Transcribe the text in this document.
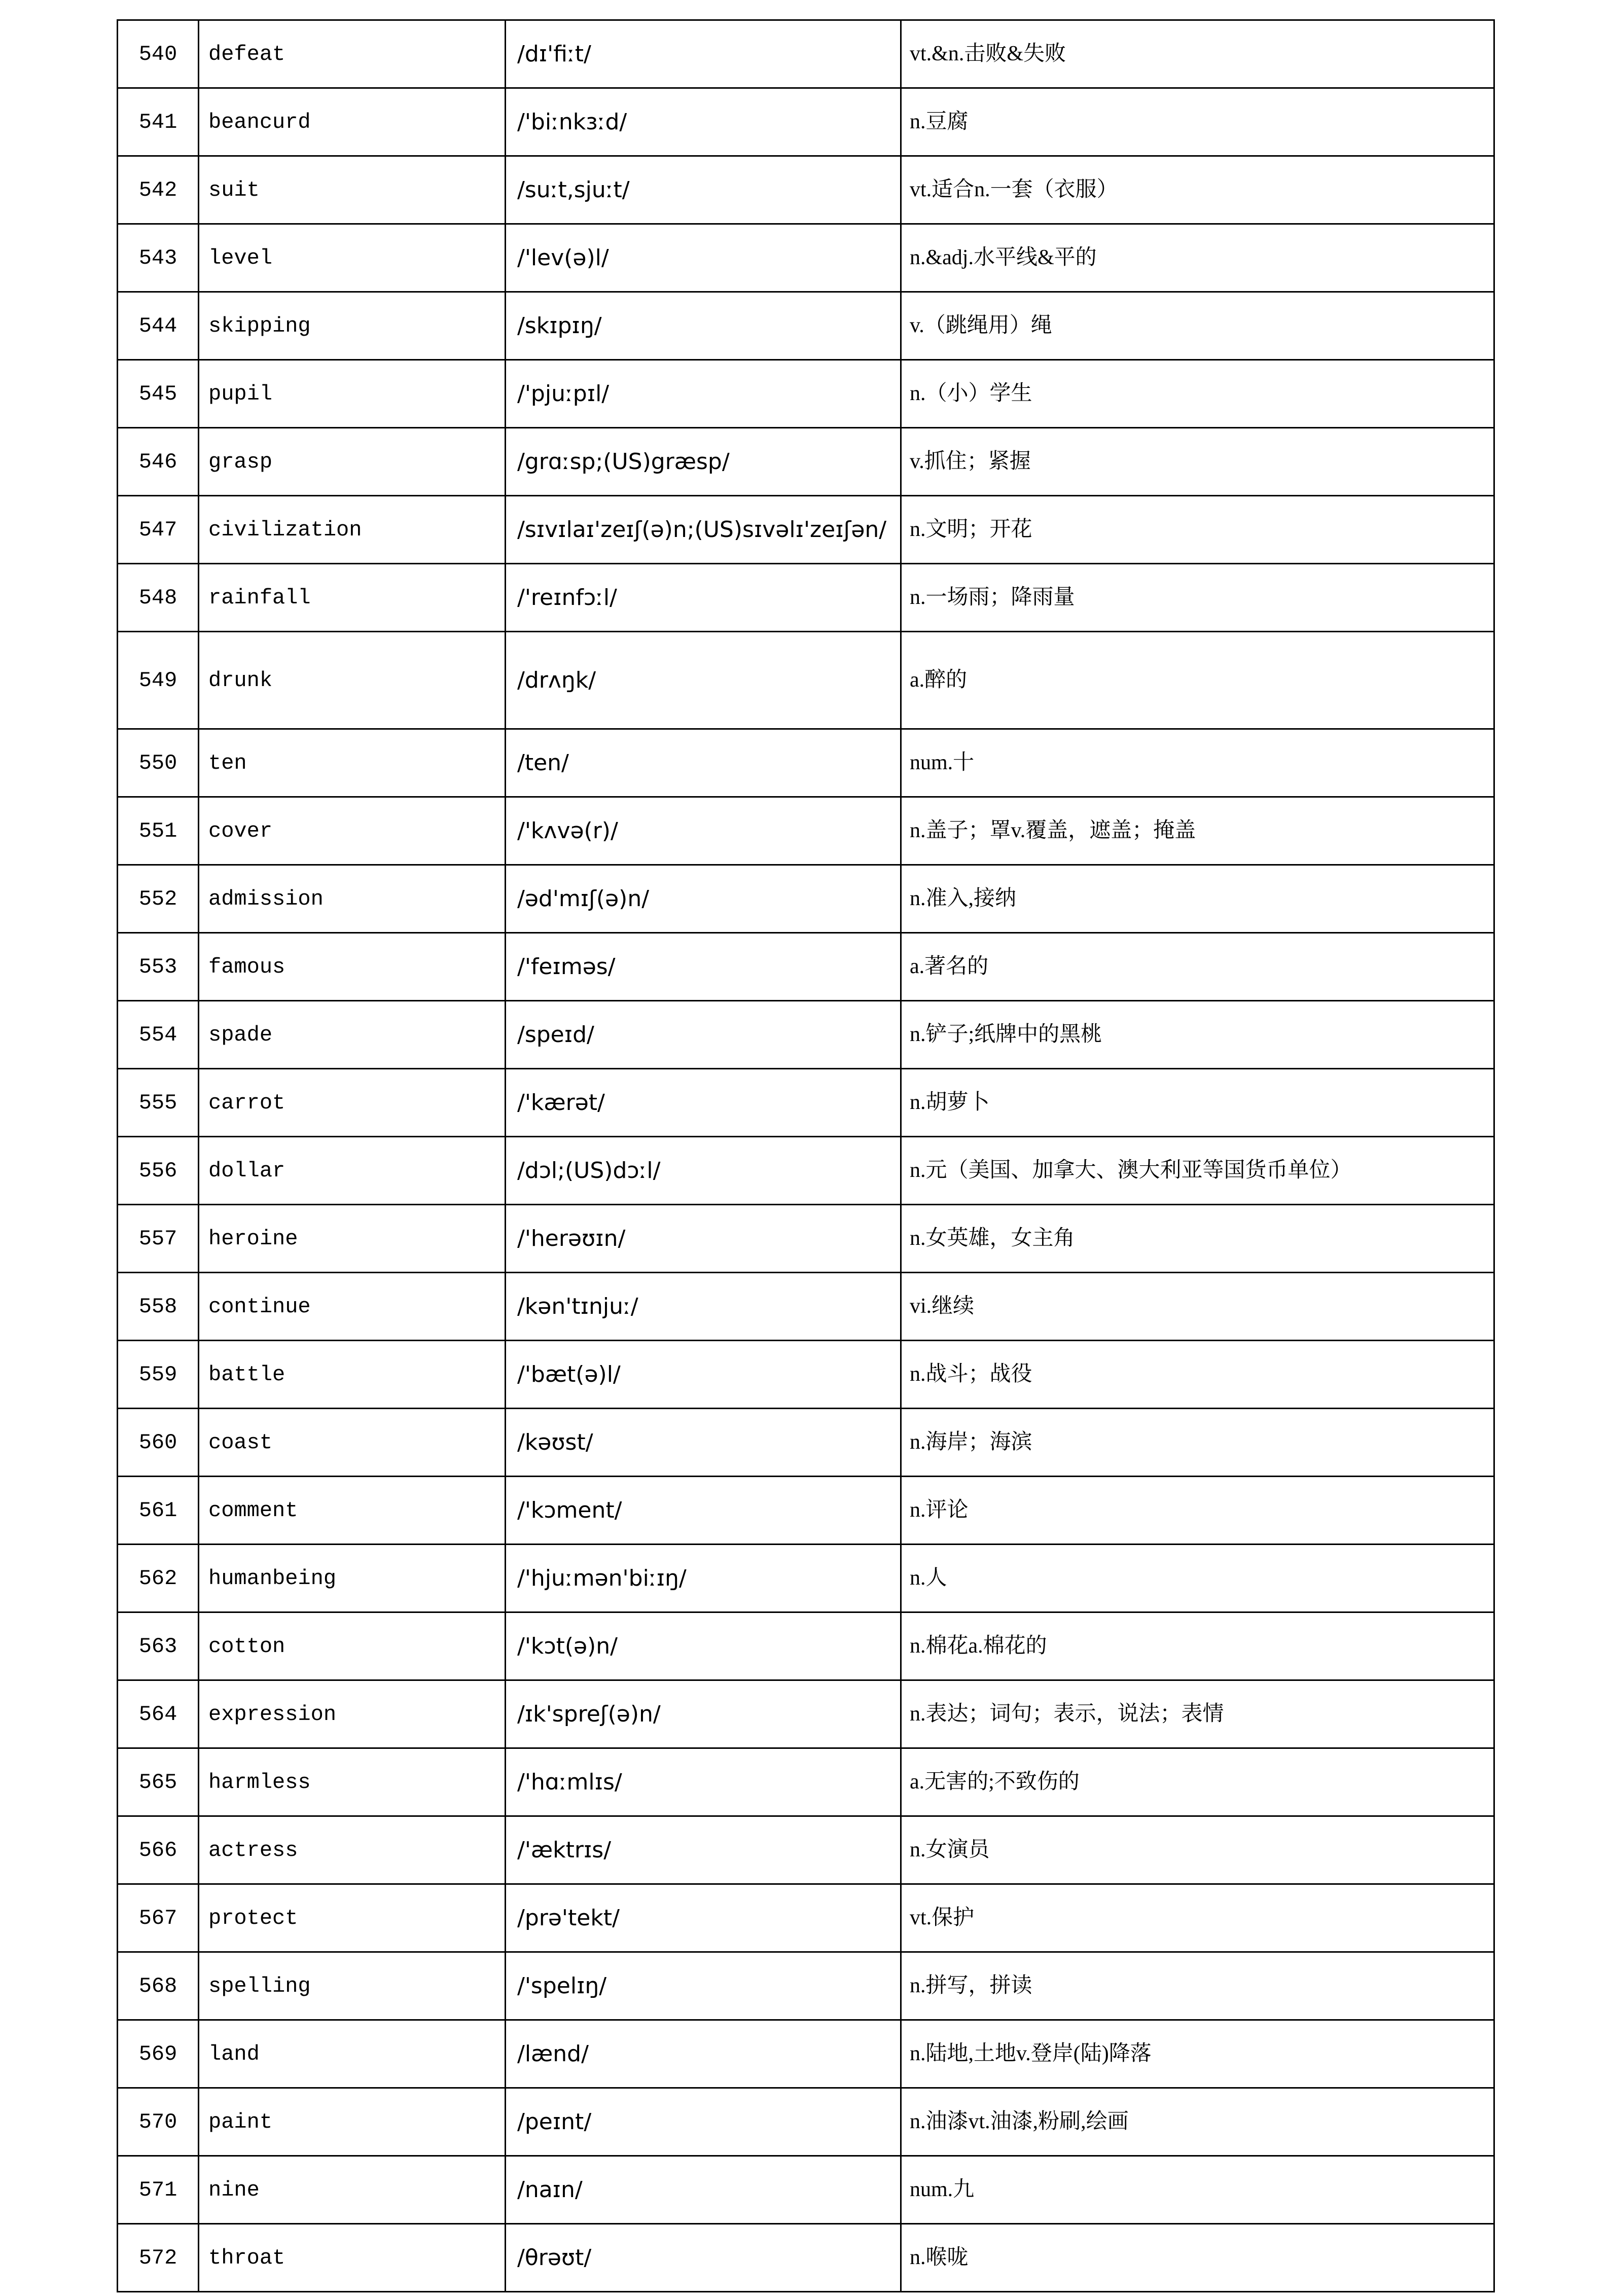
540	defeat	/dɪ'fiːt/	vt.&n.击败&失败
541	beancurd	/'biːnkɜːd/	n.豆腐
542	suit	/suːt,sjuːt/	vt.适合n.一套（衣服）
543	level	/'lev(ə)l/	n.&adj.水平线&平的
544	skipping	/skɪpɪŋ/	v.（跳绳用）绳
545	pupil	/'pjuːpɪl/	n.（小）学生
546	grasp	/grɑːsp;(US)græsp/	v.抓住；紧握
547	civilization	/sɪvɪlaɪ'zeɪʃ(ə)n;(US)sɪvəlɪ'zeɪʃən/	n.文明；开花
548	rainfall	/'reɪnfɔːl/	n.一场雨；降雨量
549	drunk	/drʌŋk/	a.醉的
550	ten	/ten/	num.十
551	cover	/'kʌvə(r)/	n.盖子；罩v.覆盖，遮盖；掩盖
552	admission	/əd'mɪʃ(ə)n/	n.准入,接纳
553	famous	/'feɪməs/	a.著名的
554	spade	/speɪd/	n.铲子;纸牌中的黑桃
555	carrot	/'kærət/	n.胡萝卜
556	dollar	/dɔl;(US)dɔːl/	n.元（美国、加拿大、澳大利亚等国货币单位）
557	heroine	/'herəʊɪn/	n.女英雄，女主角
558	continue	/kən'tɪnjuː/	vi.继续
559	battle	/'bæt(ə)l/	n.战斗；战役
560	coast	/kəʊst/	n.海岸；海滨
561	comment	/'kɔment/	n.评论
562	humanbeing	/'hjuːmən'biːɪŋ/	n.人
563	cotton	/'kɔt(ə)n/	n.棉花a.棉花的
564	expression	/ɪk'spreʃ(ə)n/	n.表达；词句；表示，说法；表情
565	harmless	/'hɑːmlɪs/	a.无害的;不致伤的
566	actress	/'æktrɪs/	n.女演员
567	protect	/prə'tekt/	vt.保护
568	spelling	/'spelɪŋ/	n.拼写，拼读
569	land	/lænd/	n.陆地,土地v.登岸(陆)降落
570	paint	/peɪnt/	n.油漆vt.油漆,粉刷,绘画
571	nine	/naɪn/	num.九
572	throat	/θrəʊt/	n.喉咙
